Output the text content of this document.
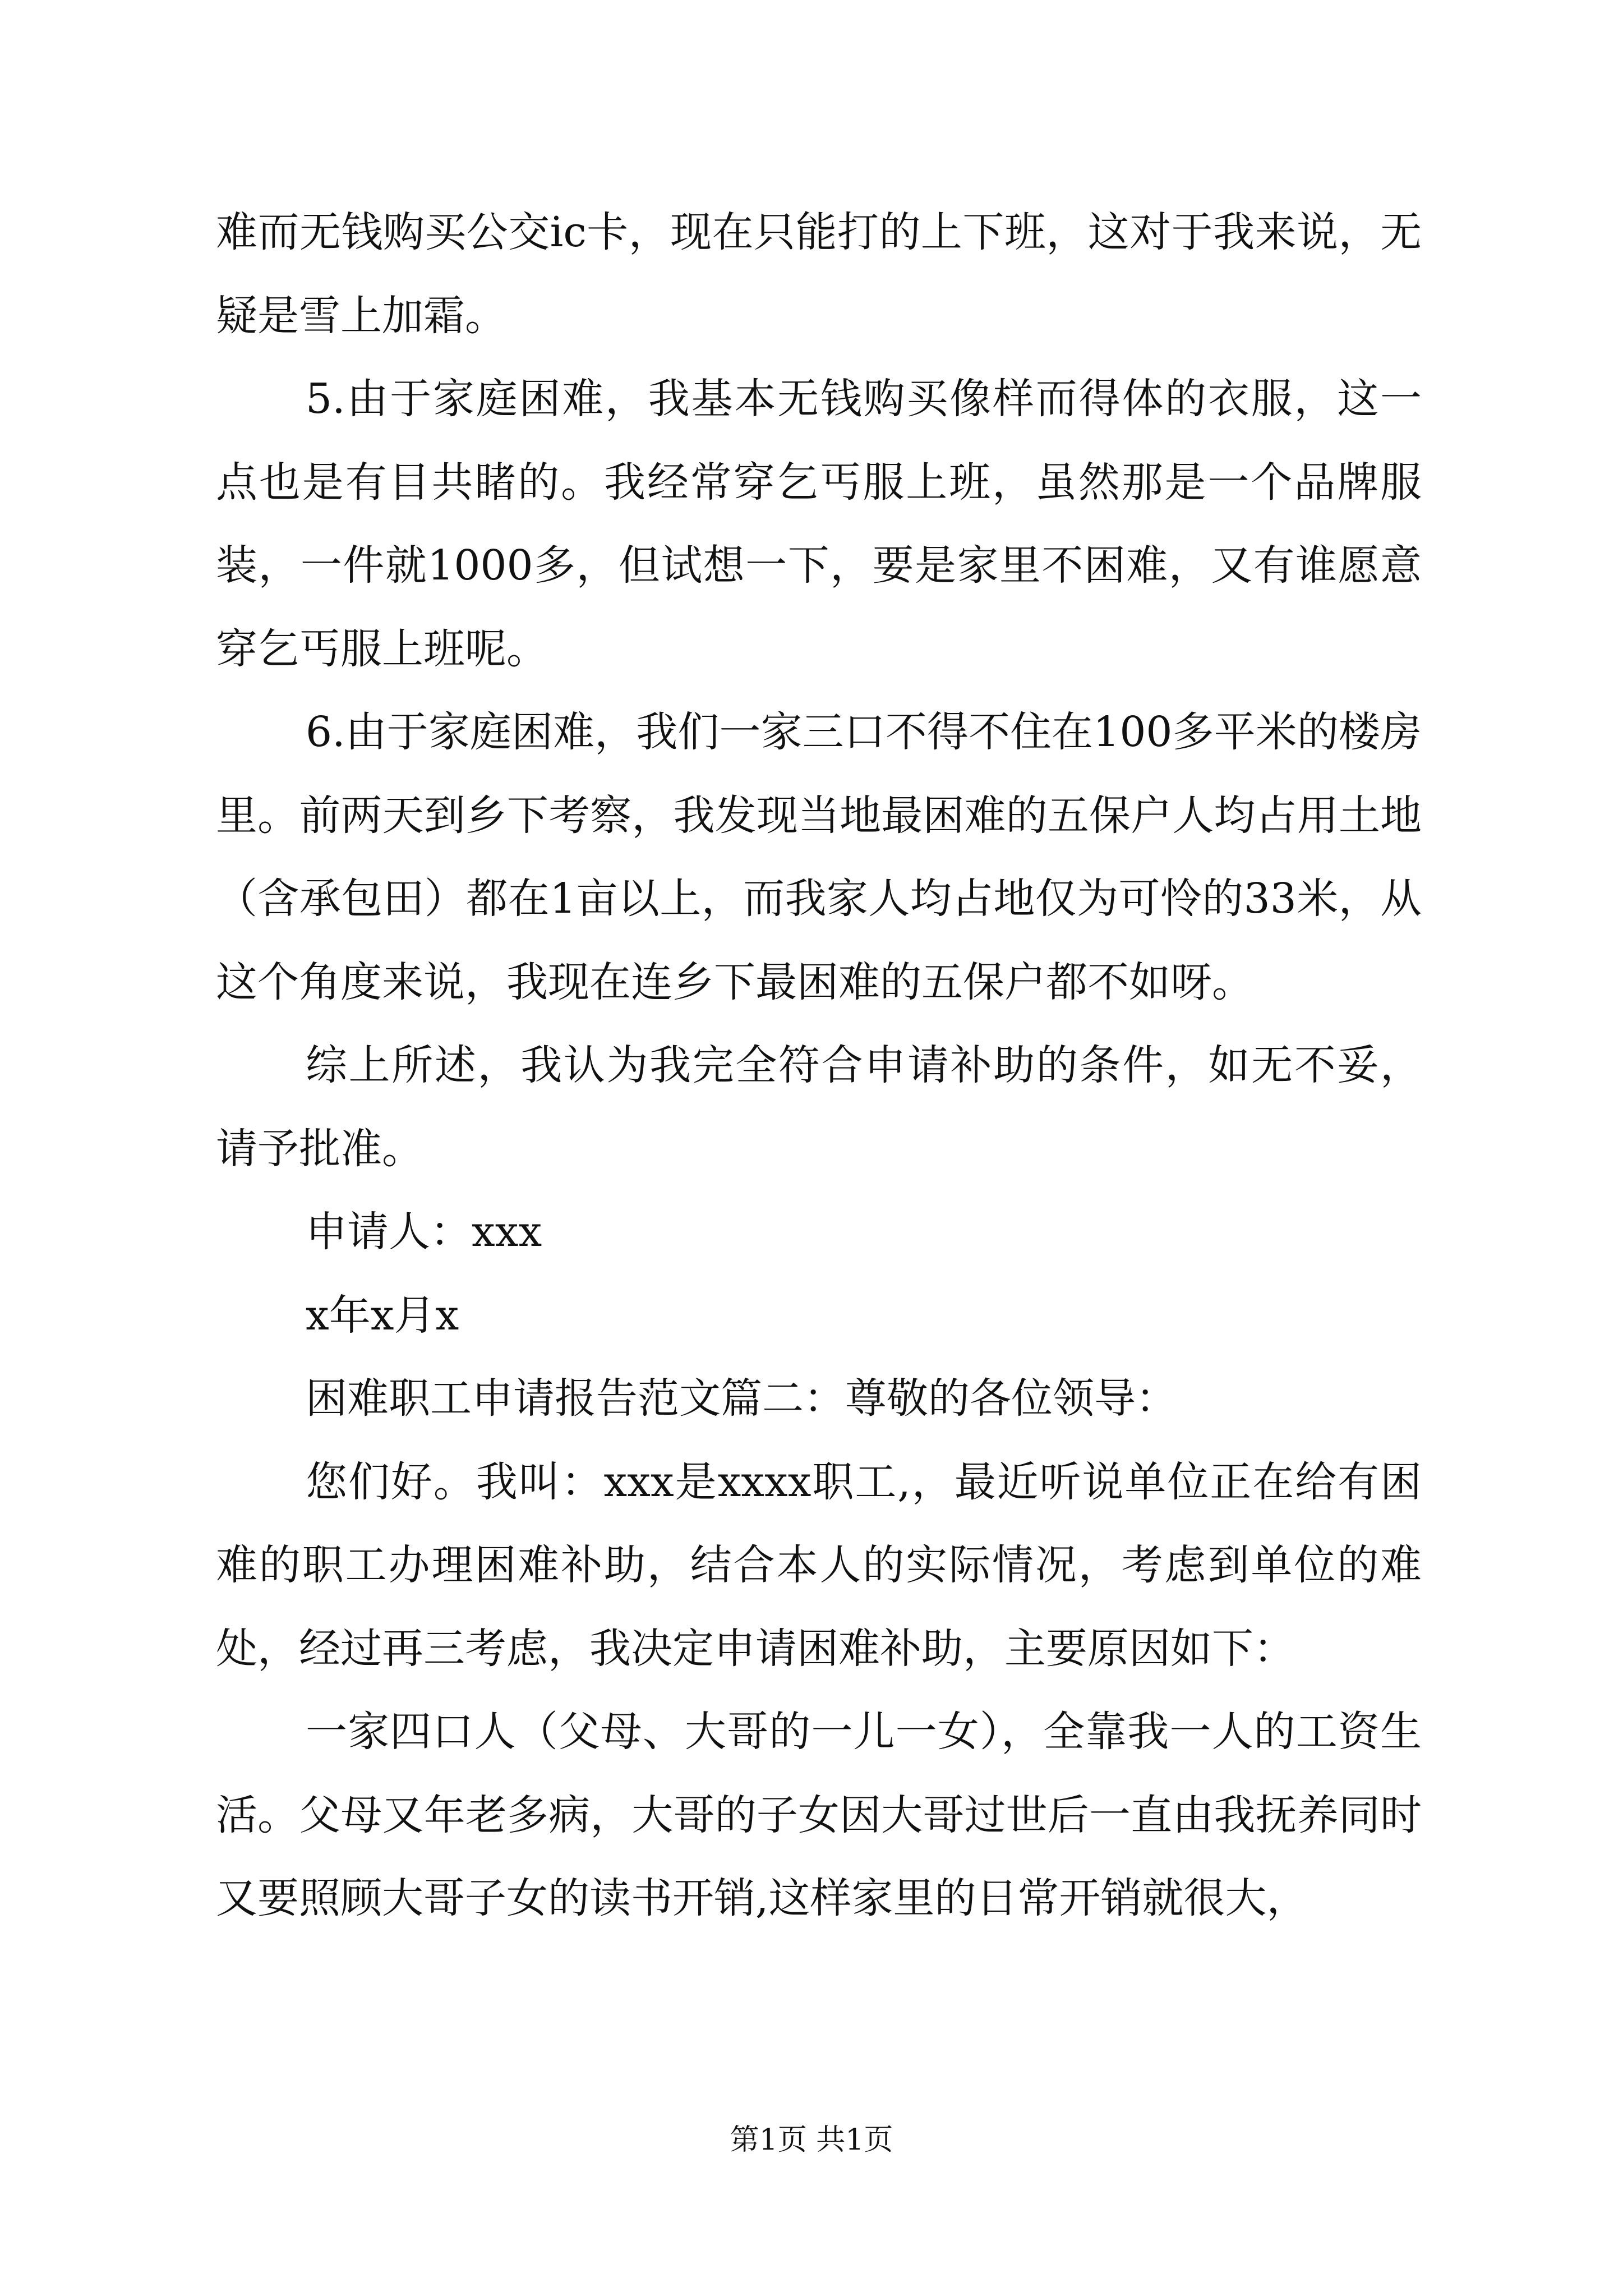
难而无钱购买公交ic卡，现在只能打的上下班，这对于我来说，无疑是雪上加霜。

5.由于家庭困难，我基本无钱购买像样而得体的衣服，这一点也是有目共睹的。我经常穿乞丐服上班，虽然那是一个品牌服装，一件就1000多，但试想一下，要是家里不困难，又有谁愿意穿乞丐服上班呢。

6.由于家庭困难，我们一家三口不得不住在100多平米的楼房里。前两天到乡下考察，我发现当地最困难的五保户人均占用土地（含承包田）都在1亩以上，而我家人均占地仅为可怜的33米，从这个角度来说，我现在连乡下最困难的五保户都不如呀。

综上所述，我认为我完全符合申请补助的条件，如无不妥，请予批准。

申请人：xxx

x年x月x

困难职工申请报告范文篇二：尊敬的各位领导：

您们好。我叫：xxx是xxxx职工,，最近听说单位正在给有困难的职工办理困难补助，结合本人的实际情况，考虑到单位的难处，经过再三考虑，我决定申请困难补助，主要原因如下：

一家四口人（父母、大哥的一儿一女），全靠我一人的工资生活。父母又年老多病，大哥的子女因大哥过世后一直由我抚养同时又要照顾大哥子女的读书开销,这样家里的日常开销就很大，

第1页 共1页
